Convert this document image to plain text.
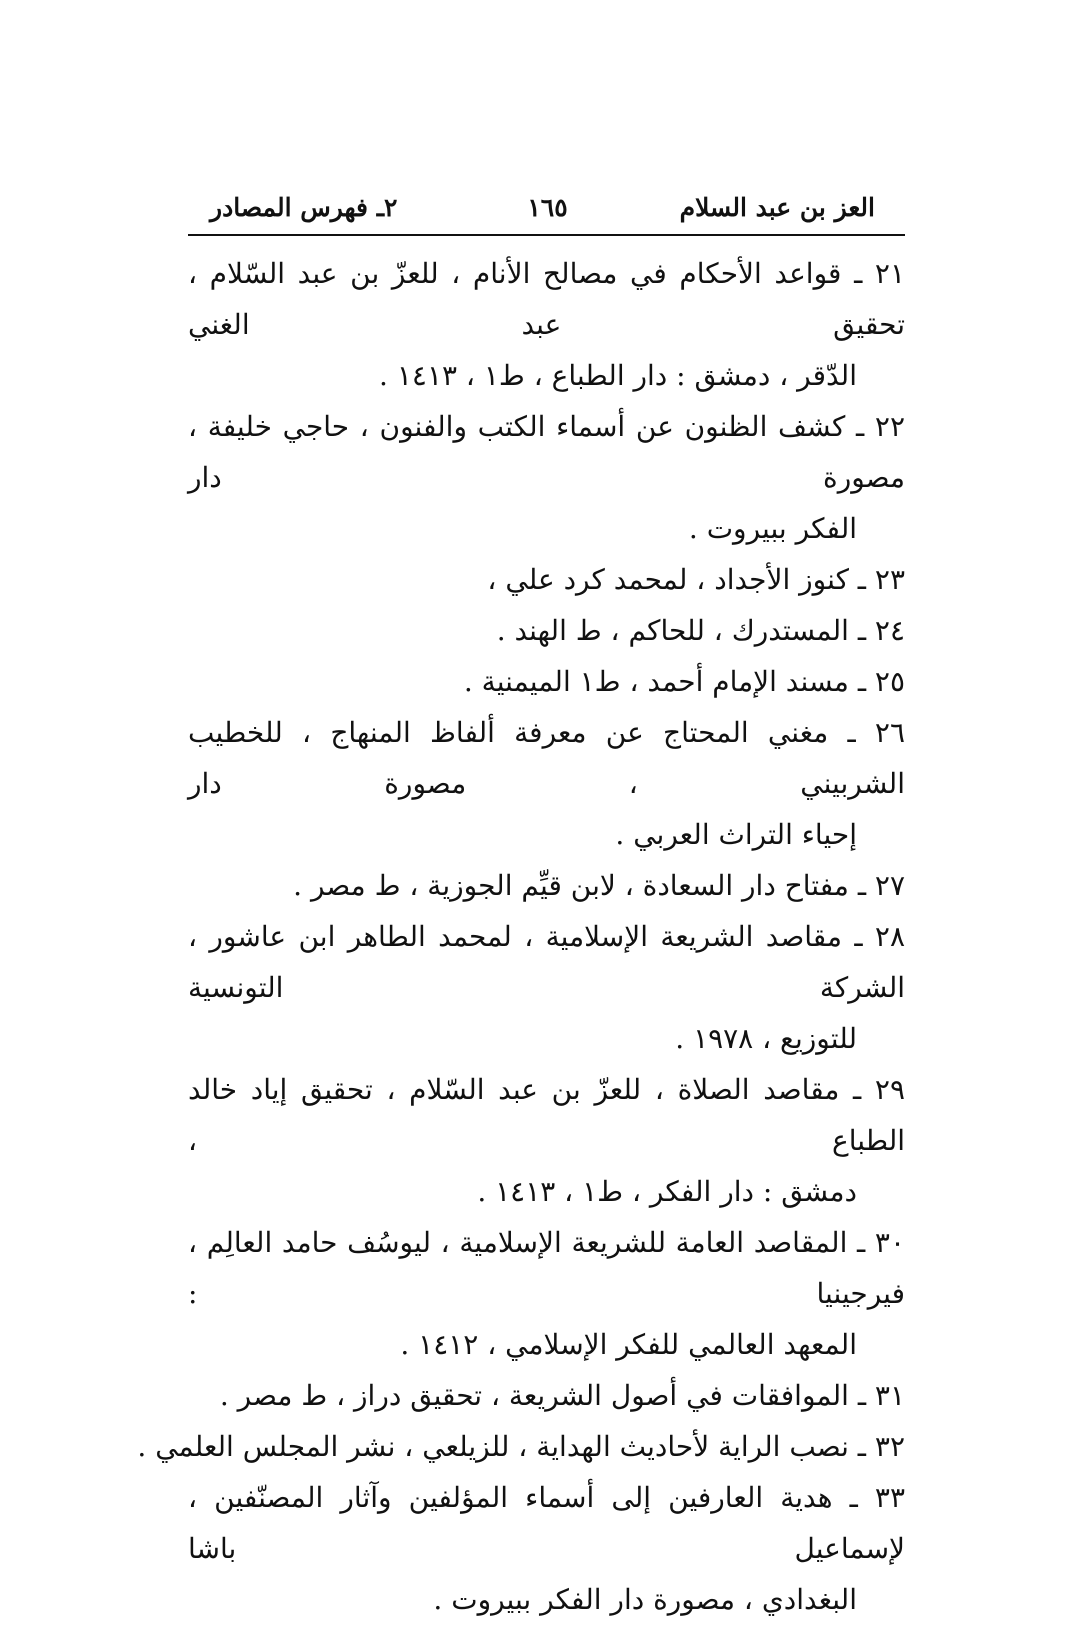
العز بن عبد السلام
١٦٥
٢ـ فهرس المصادر
٢١ ـ قواعد الأحكام في مصالح الأنام ، للعزّ بن عبد السّلام ، تحقيق عبد الغني
الدّقر ، دمشق : دار الطباع ، ط١ ، ١٤١٣ .
٢٢ ـ كشف الظنون عن أسماء الكتب والفنون ، حاجي خليفة ، مصورة دار
الفكر ببيروت .
٢٣ ـ كنوز الأجداد ، لمحمد كرد علي ،
٢٤ ـ المستدرك ، للحاكم ، ط الهند .
٢٥ ـ مسند الإمام أحمد ، ط١ الميمنية .
٢٦ ـ مغني المحتاج عن معرفة ألفاظ المنهاج ، للخطيب الشربيني ، مصورة دار
إحياء التراث العربي .
٢٧ ـ مفتاح دار السعادة ، لابن قيِّم الجوزية ، ط مصر .
٢٨ ـ مقاصد الشريعة الإسلامية ، لمحمد الطاهر ابن عاشور ، الشركة التونسية
للتوزيع ، ١٩٧٨ .
٢٩ ـ مقاصد الصلاة ، للعزّ بن عبد السّلام ، تحقيق إياد خالد الطباع ،
دمشق : دار الفكر ، ط١ ، ١٤١٣ .
٣٠ ـ المقاصد العامة للشريعة الإسلامية ، ليوسُف حامد العالِم ، فيرجينيا :
المعهد العالمي للفكر الإسلامي ، ١٤١٢ .
٣١ ـ الموافقات في أصول الشريعة ، تحقيق دراز ، ط مصر .
٣٢ ـ نصب الراية لأحاديث الهداية ، للزيلعي ، نشر المجلس العلمي .
٣٣ ـ هدية العارفين إلى أسماء المؤلفين وآثار المصنّفين ، لإسماعيل باشا
البغدادي ، مصورة دار الفكر ببيروت .
